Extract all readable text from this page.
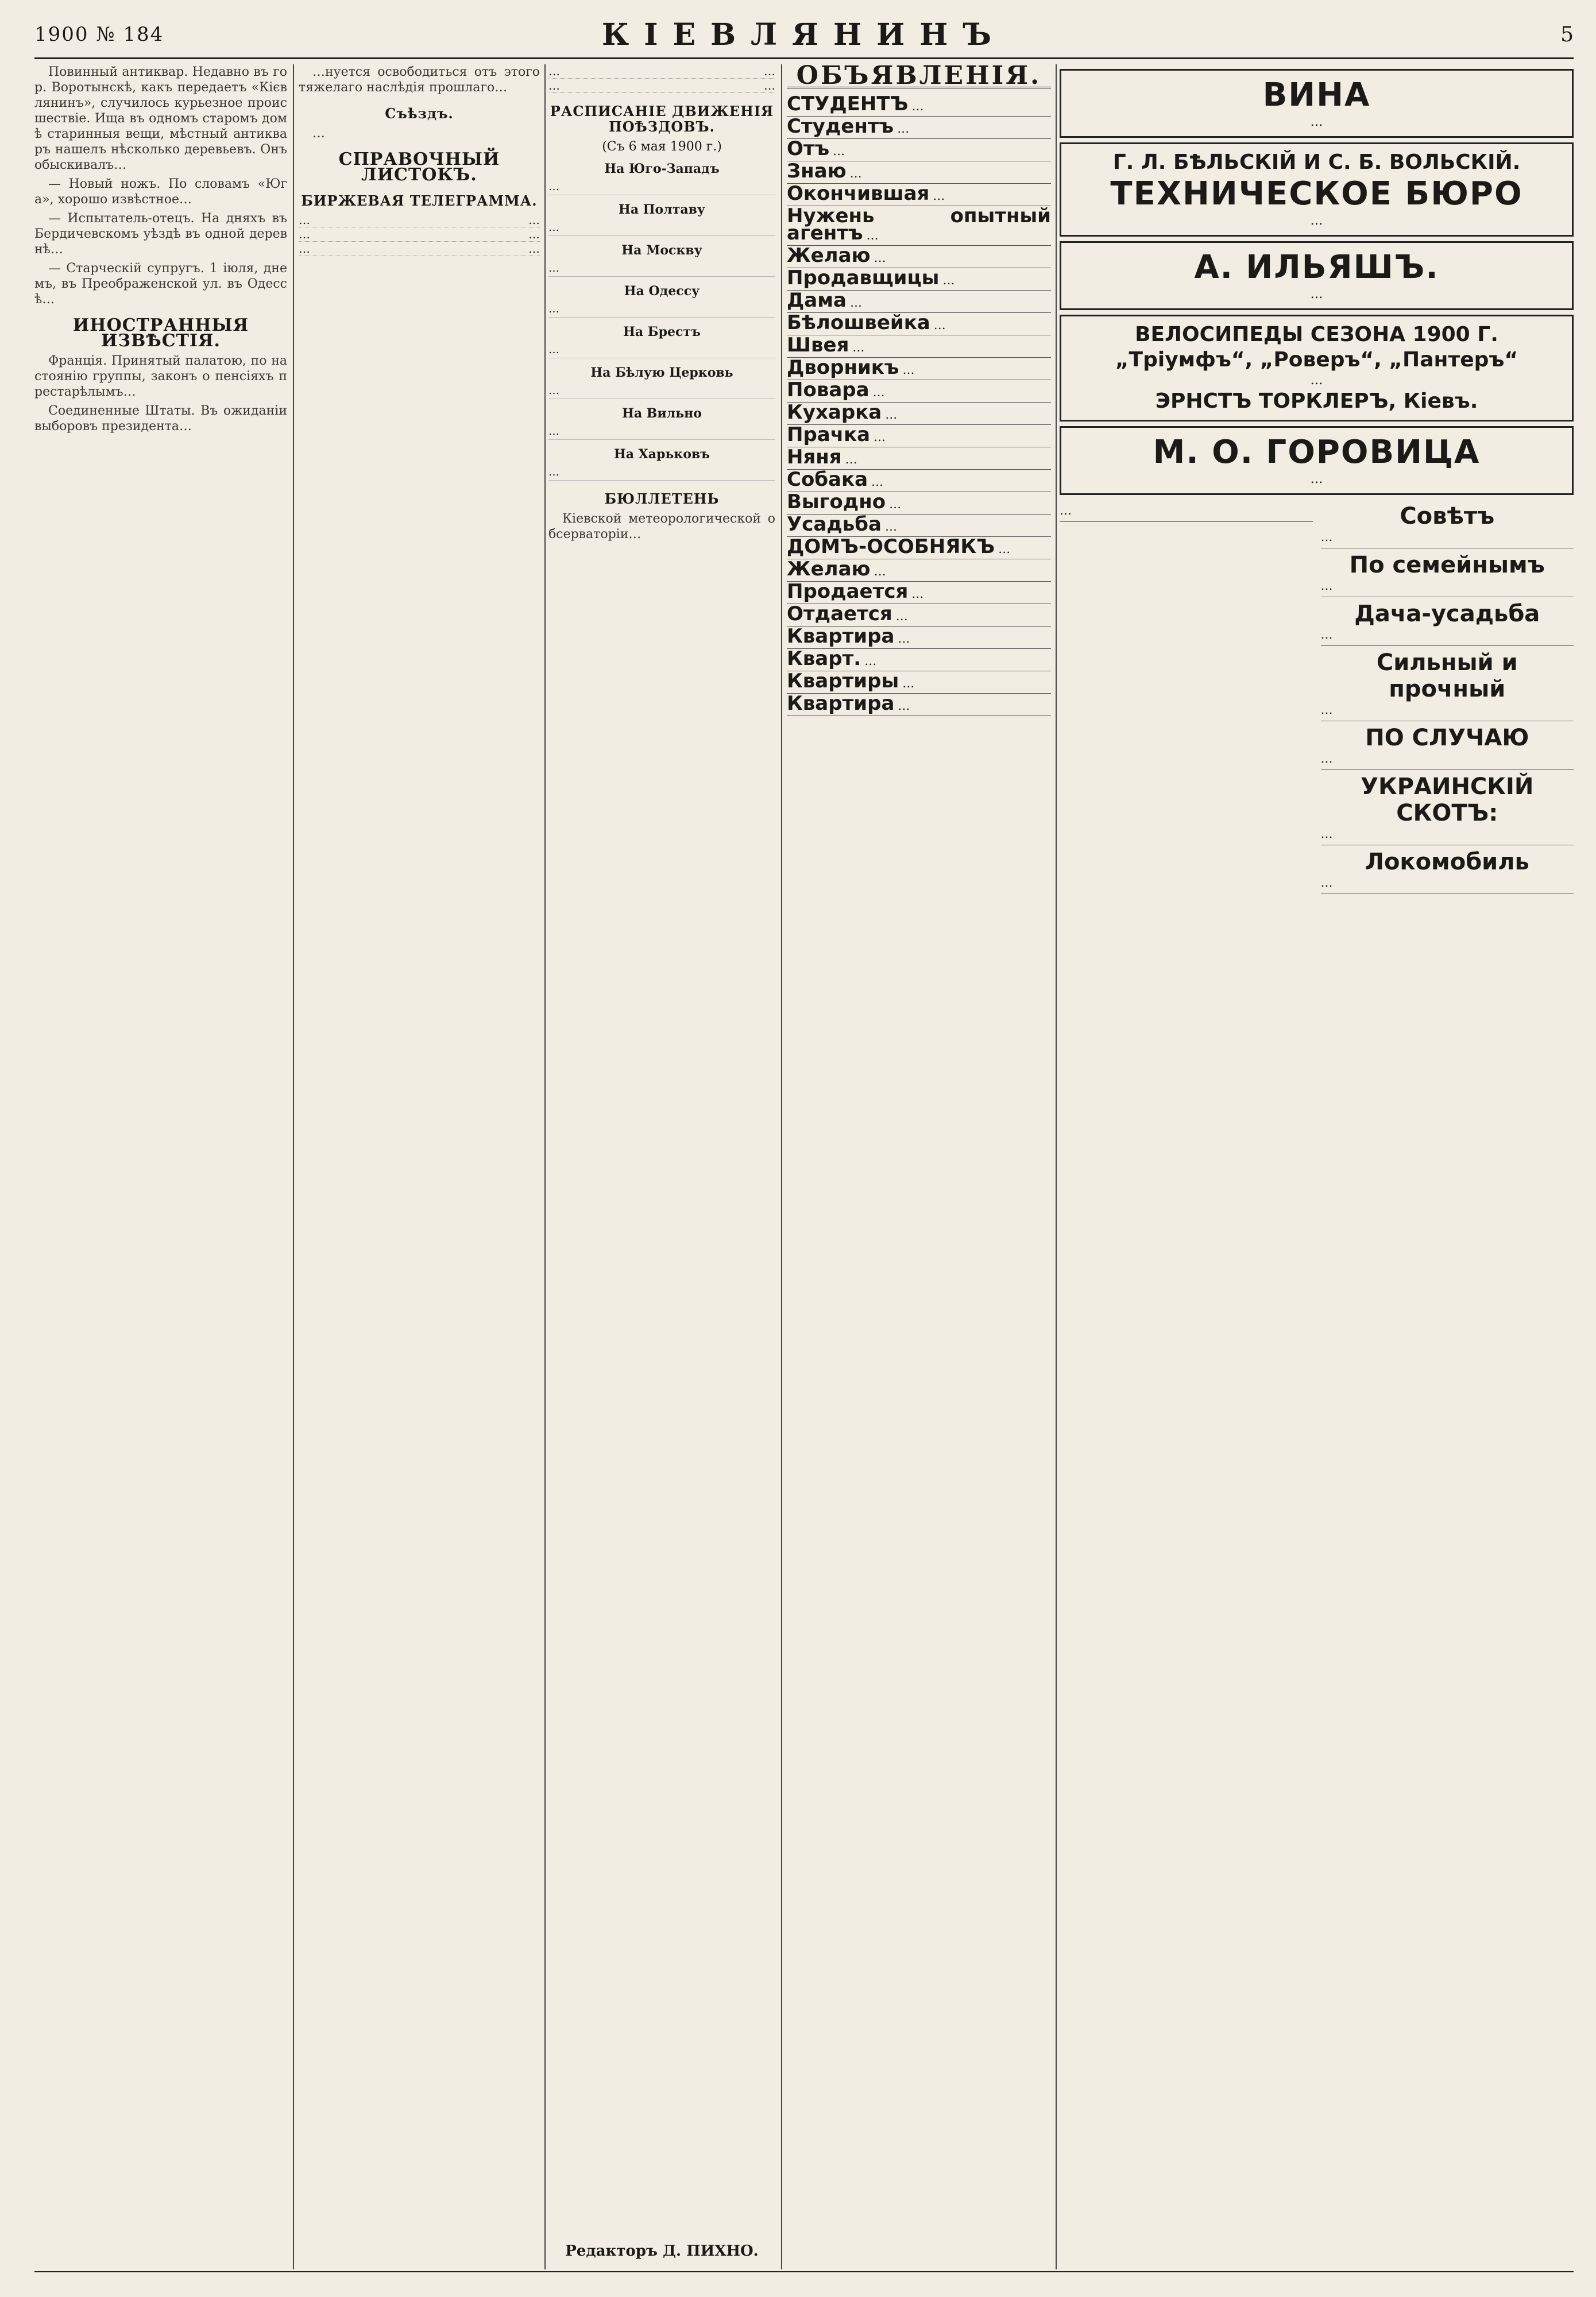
1900 № 184	КІЕВЛЯНИНЪ	5

Повинный антиквар. Недавно въ гор. Воротынскѣ, какъ передаетъ «Кієвлянинъ», случилось курьезное происшествіе. Ища въ одномъ старомъ домѣ старинныя вещи, мѣстный антикваръ нашелъ нѣсколько деревьевъ. Онъ обыскивалъ…

— Новый ножъ. По словамъ «Юга», хорошо извѣстное…

— Испытатель-отецъ. На дняхъ въ Бердичевскомъ уѣздѣ въ одной деревнѣ…

— Старческій супругъ. 1 іюля, днемъ, въ Преображенской ул. въ Одессѣ…

ИНОСТРАННЫЯ ИЗВѢСТІЯ.

Франція. Принятый палатою, по настоянію группы, законъ о пенсіяхъ престарѣлымъ…

Соединенные Штаты. Въ ожиданіи выборовъ президента…

…нуется освободиться отъ этого тяжелаго наслѣдія прошлаго…

Съѣздъ.

…

СПРАВОЧНЫЙ ЛИСТОКЪ.
БИРЖЕВАЯ ТЕЛЕГРАММА.
…	…
…	…
…	…
…	…
…	…
РАСПИСАНІЕ ДВИЖЕНІЯ ПОѢЗДОВЪ.
(Съ 6 мая 1900 г.)
На Юго-Западъ
…
На Полтаву
…
На Москву
…
На Одессу
…
На Брестъ
…
На Бѣлую Церковь
…
На Вильно
…
На Харьковъ
…
БЮЛЛЕТЕНЬ

Кіевской метеорологической обсерваторіи…

Редакторъ Д. ПИХНО.
ОБЪЯВЛЕНІЯ.
СТУДЕНТЪ …
Студентъ …
Отъ …
Знаю …
Окончившая …
Нужень опытный агентъ …
Желаю …
Продавщицы …
Дама …
Бѣлошвейка …
Швея …
Дворникъ …
Повара …
Кухарка …
Прачка …
Няня …
Собака …
Выгодно …
Усадьба …
ДОМЪ-ОСОБНЯКЪ …
Желаю …
Продается …
Отдается …
Квартира …
Кварт. …
Квартиры …
Квартира …
ВИНА
…
Г. Л. БѢЛЬСКІЙ И С. Б. ВОЛЬСКІЙ.
ТЕХНИЧЕСКОЕ БЮРО
…
А. ИЛЬЯШЪ.
…
ВЕЛОСИПЕДЫ СЕЗОНА 1900 Г.
„Тріумфъ“, „Роверъ“, „Пантеръ“
…
ЭРНСТЪ ТОРКЛЕРЪ, Кіевъ.
М. О. ГОРОВИЦА
…
…	Совѣтъ
…
По семейнымъ
…
Дача-усадьба
…
Сильный и прочный
…
ПО СЛУЧАЮ
…
УКРАИНСКІЙ СКОТЪ:
…
Локомобиль
…
